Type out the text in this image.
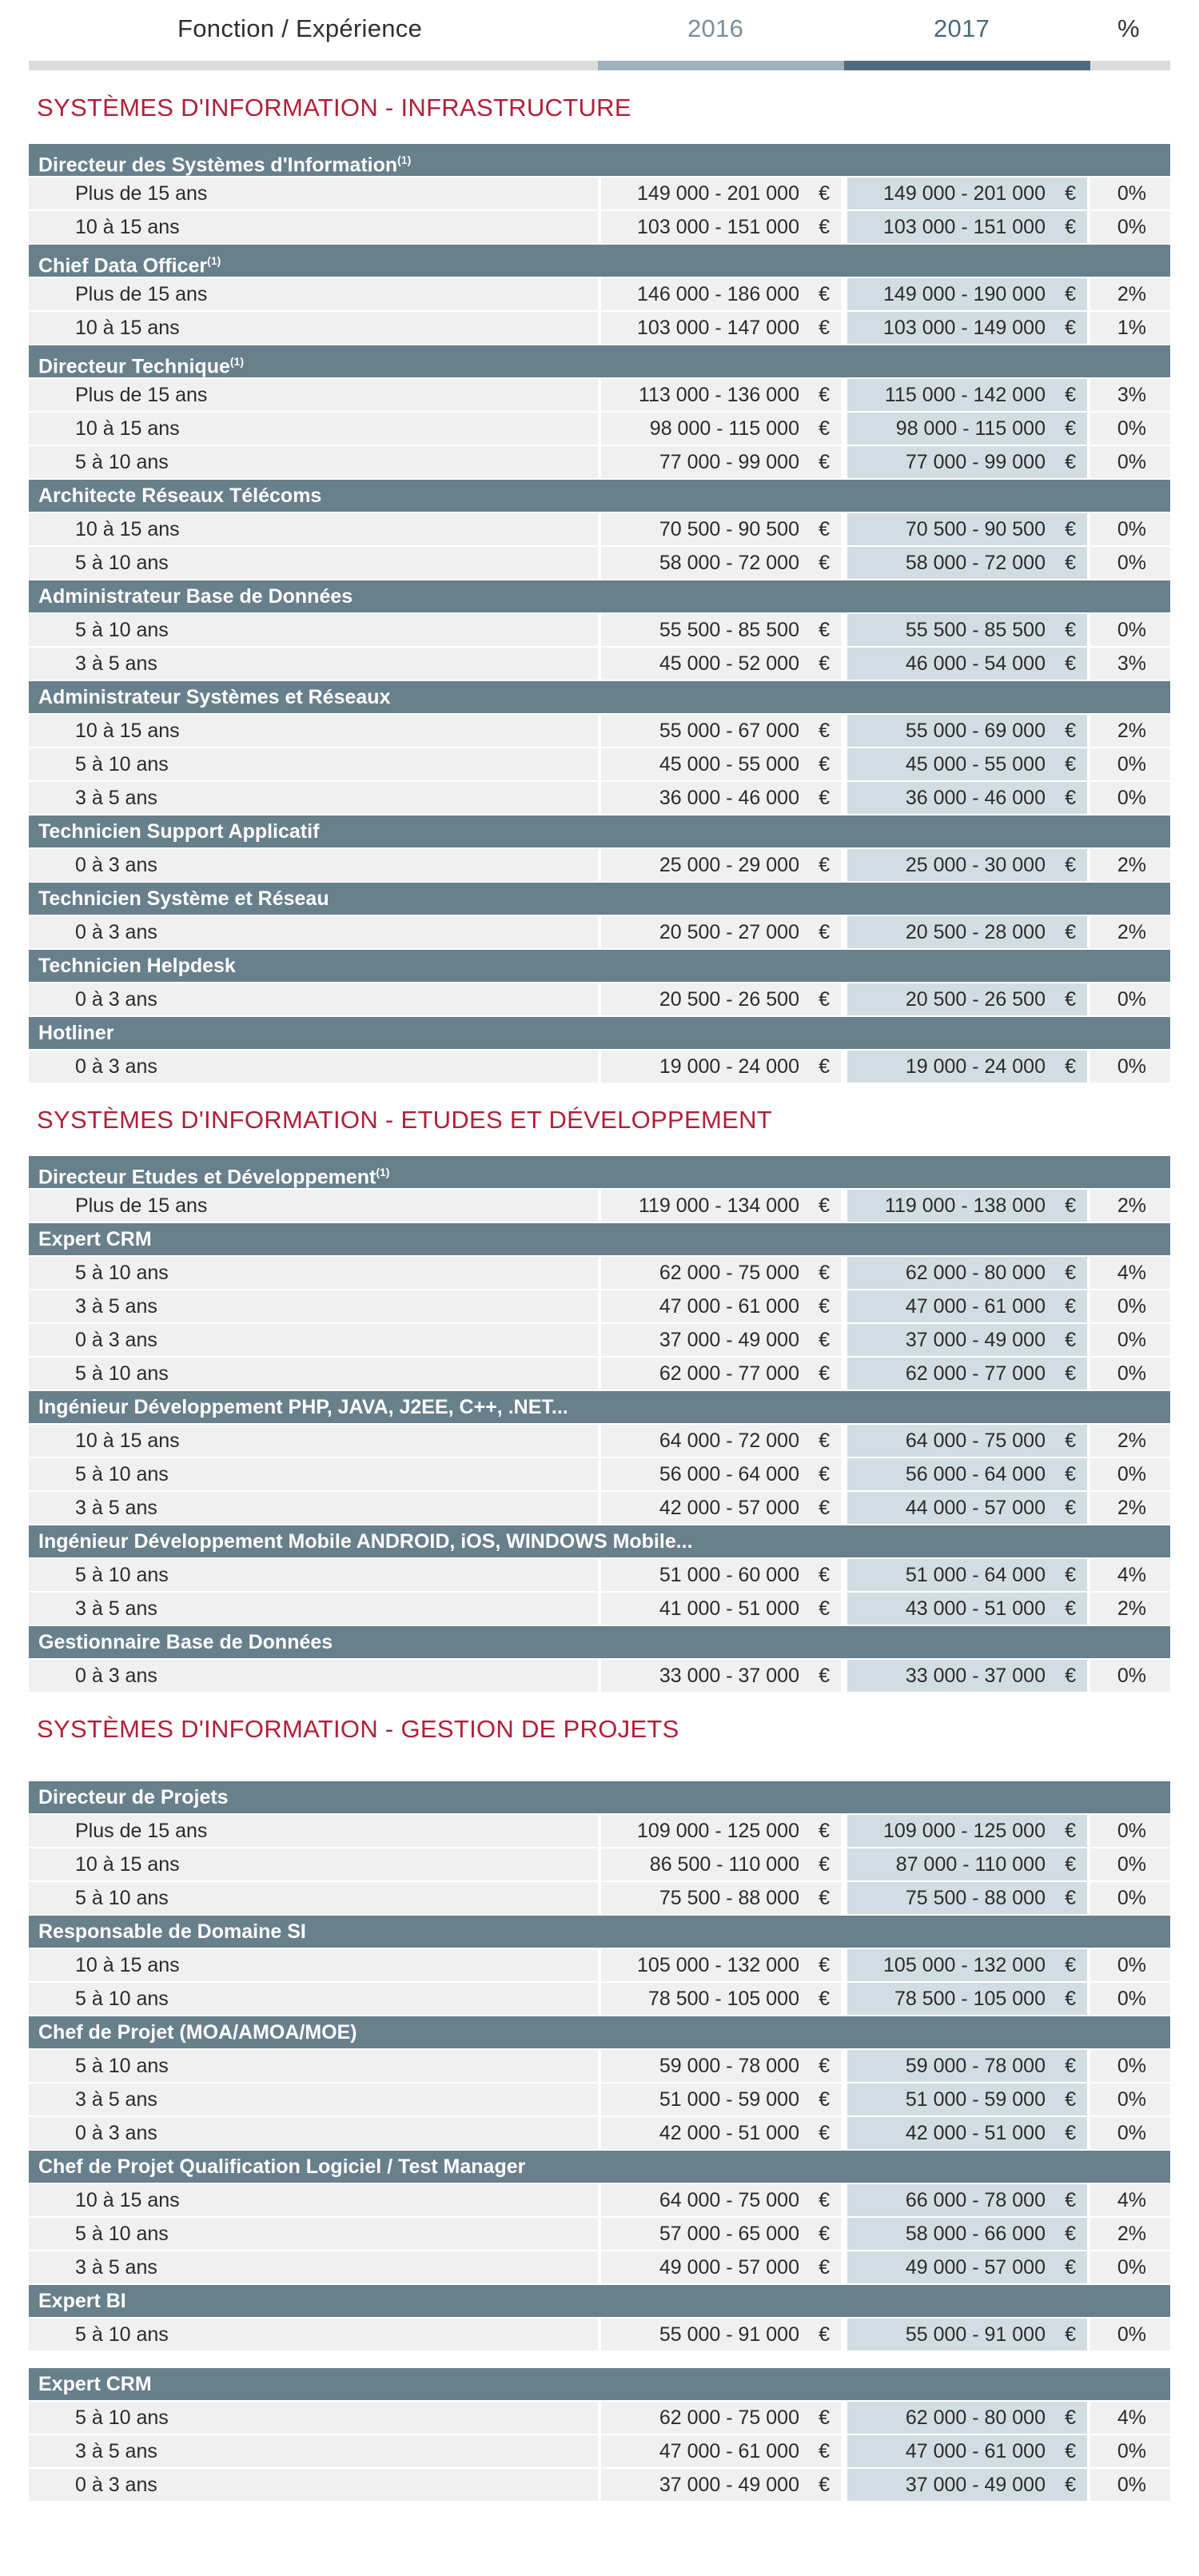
Fonction / Expérience	2016	2017	%
SYSTÈMES D'INFORMATION - INFRASTRUCTURE
Directeur des Systèmes d'Information$^{(1)}$
Plus de 15 ans	149 000 - 201 000 €	149 000 - 201 000 €	0%
10 à 15 ans	103 000 - 151 000 €	103 000 - 151 000 €	0%
Chief Data Officer$^{(1)}$
Plus de 15 ans	146 000 - 186 000 €	149 000 - 190 000 €	2%
10 à 15 ans	103 000 - 147 000 €	103 000 - 149 000 €	1%
Directeur Technique$^{(1)}$
Plus de 15 ans	113 000 - 136 000 €	115 000 - 142 000 €	3%
10 à 15 ans	98 000 - 115 000 €	98 000 - 115 000 €	0%
5 à 10 ans	77 000 - 99 000 €	77 000 - 99 000 €	0%
Architecte Réseaux Télécoms
10 à 15 ans	70 500 - 90 500 €	70 500 - 90 500 €	0%
5 à 10 ans	58 000 - 72 000 €	58 000 - 72 000 €	0%
Administrateur Base de Données
5 à 10 ans	55 500 - 85 500 €	55 500 - 85 500 €	0%
3 à 5 ans	45 000 - 52 000 €	46 000 - 54 000 €	3%
Administrateur Systèmes et Réseaux
10 à 15 ans	55 000 - 67 000 €	55 000 - 69 000 €	2%
5 à 10 ans	45 000 - 55 000 €	45 000 - 55 000 €	0%
3 à 5 ans	36 000 - 46 000 €	36 000 - 46 000 €	0%
Technicien Support Applicatif
0 à 3 ans	25 000 - 29 000 €	25 000 - 30 000 €	2%
Technicien Système et Réseau
0 à 3 ans	20 500 - 27 000 €	20 500 - 28 000 €	2%
Technicien Helpdesk
0 à 3 ans	20 500 - 26 500 €	20 500 - 26 500 €	0%
Hotliner
0 à 3 ans	19 000 - 24 000 €	19 000 - 24 000 €	0%
SYSTÈMES D'INFORMATION - ETUDES ET DÉVELOPPEMENT
Directeur Etudes et Développement$^{(1)}$
Plus de 15 ans	119 000 - 134 000 €	119 000 - 138 000 €	2%
Expert CRM
5 à 10 ans	62 000 - 75 000 €	62 000 - 80 000 €	4%
3 à 5 ans	47 000 - 61 000 €	47 000 - 61 000 €	0%
0 à 3 ans	37 000 - 49 000 €	37 000 - 49 000 €	0%
5 à 10 ans	62 000 - 77 000 €	62 000 - 77 000 €	0%
Ingénieur Développement PHP, JAVA, J2EE, C++, .NET...
10 à 15 ans	64 000 - 72 000 €	64 000 - 75 000 €	2%
5 à 10 ans	56 000 - 64 000 €	56 000 - 64 000 €	0%
3 à 5 ans	42 000 - 57 000 €	44 000 - 57 000 €	2%
Ingénieur Développement Mobile ANDROID, iOS, WINDOWS Mobile...
5 à 10 ans	51 000 - 60 000 €	51 000 - 64 000 €	4%
3 à 5 ans	41 000 - 51 000 €	43 000 - 51 000 €	2%
Gestionnaire Base de Données
0 à 3 ans	33 000 - 37 000 €	33 000 - 37 000 €	0%
SYSTÈMES D'INFORMATION - GESTION DE PROJETS
Directeur de Projets
Plus de 15 ans	109 000 - 125 000 €	109 000 - 125 000 €	0%
10 à 15 ans	86 500 - 110 000 €	87 000 - 110 000 €	0%
5 à 10 ans	75 500 - 88 000 €	75 500 - 88 000 €	0%
Responsable de Domaine SI
10 à 15 ans	105 000 - 132 000 €	105 000 - 132 000 €	0%
5 à 10 ans	78 500 - 105 000 €	78 500 - 105 000 €	0%
Chef de Projet (MOA/AMOA/MOE)
5 à 10 ans	59 000 - 78 000 €	59 000 - 78 000 €	0%
3 à 5 ans	51 000 - 59 000 €	51 000 - 59 000 €	0%
0 à 3 ans	42 000 - 51 000 €	42 000 - 51 000 €	0%
Chef de Projet Qualification Logiciel / Test Manager
10 à 15 ans	64 000 - 75 000 €	66 000 - 78 000 €	4%
5 à 10 ans	57 000 - 65 000 €	58 000 - 66 000 €	2%
3 à 5 ans	49 000 - 57 000 €	49 000 - 57 000 €	0%
Expert BI
5 à 10 ans	55 000 - 91 000 €	55 000 - 91 000 €	0%
Expert CRM
5 à 10 ans	62 000 - 75 000 €	62 000 - 80 000 €	4%
3 à 5 ans	47 000 - 61 000 €	47 000 - 61 000 €	0%
0 à 3 ans	37 000 - 49 000 €	37 000 - 49 000 €	0%
